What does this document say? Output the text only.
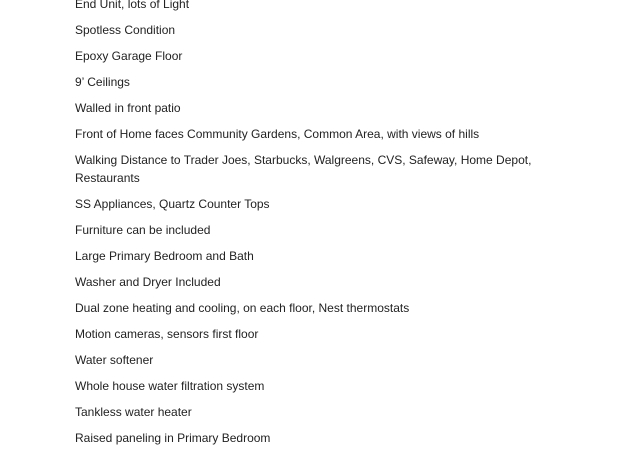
End Unit, lots of Light
Spotless Condition
Epoxy Garage Floor
9’ Ceilings
Walled in front patio
Front of Home faces Community Gardens, Common Area, with views of hills
Walking Distance to Trader Joes, Starbucks, Walgreens, CVS, Safeway, Home Depot, Restaurants
SS Appliances, Quartz Counter Tops
Furniture can be included
Large Primary Bedroom and Bath
Washer and Dryer Included
Dual zone heating and cooling, on each floor, Nest thermostats
Motion cameras, sensors first floor
Water softener
Whole house water filtration system
Tankless water heater
Raised paneling in Primary Bedroom
